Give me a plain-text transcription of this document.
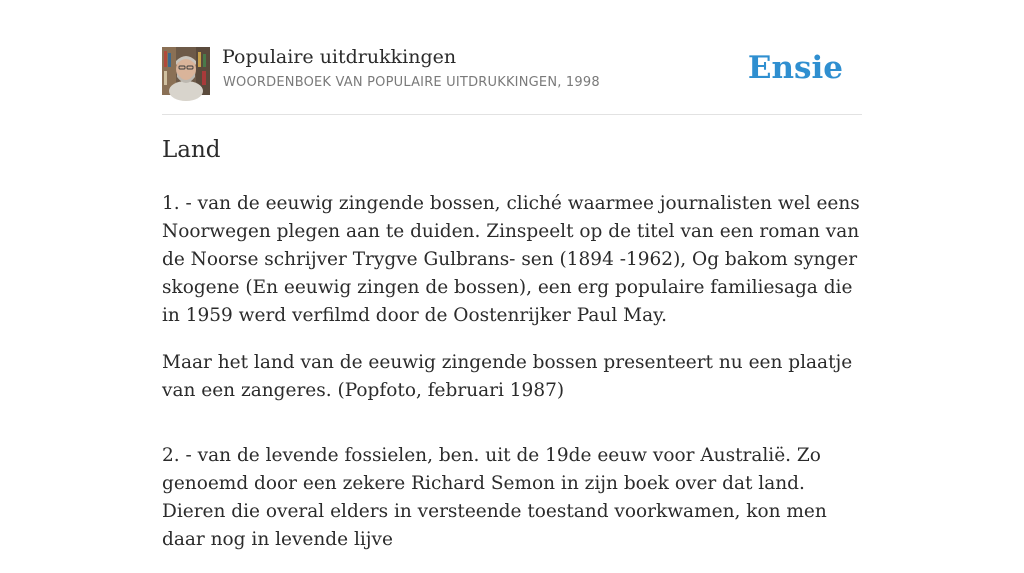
Populaire uitdrukkingen
WOORDENBOEK VAN POPULAIRE UITDRUKKINGEN, 1998	Ensie
Land

1. - van de eeuwig zingende bossen, cliché waarmee journalisten wel eens Noorwegen plegen aan te duiden. Zinspeelt op de titel van een roman van de Noorse schrijver Trygve Gulbrans- sen (1894 -1962), Og bakom synger skogene (En eeuwig zingen de bossen), een erg populaire familiesaga die in 1959 werd verfilmd door de Oostenrijker Paul May.

Maar het land van de eeuwig zingende bossen presenteert nu een plaatje van een zangeres. (Popfoto, februari 1987)

2. - van de levende fossielen, ben. uit de 19de eeuw voor Australië. Zo genoemd door een zekere Richard Semon in zijn boek over dat land. Dieren die overal elders in versteende toestand voorkwamen, kon men daar nog in levende lijve
